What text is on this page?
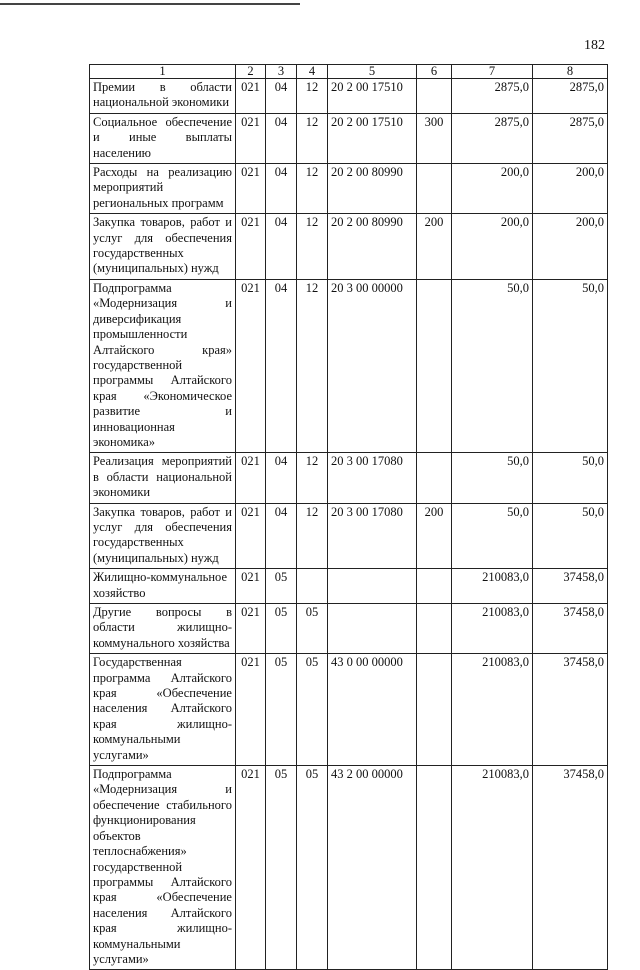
182
1	2	3	4	5	6	7	8
Премии в области национальной экономики	021	04	12	20 2 00 17510		2875,0	2875,0
Социальное обеспечение и иные выплаты населению	021	04	12	20 2 00 17510	300	2875,0	2875,0
Расходы на реализацию мероприятий региональных программ	021	04	12	20 2 00 80990		200,0	200,0
Закупка товаров, работ и услуг для обеспечения государственных (муниципальных) нужд	021	04	12	20 2 00 80990	200	200,0	200,0
Подпрограмма «Модернизация и диверсификация промышленности Алтайского края» государственной программы Алтайского края «Экономическое развитие и инновационная экономика»	021	04	12	20 3 00 00000		50,0	50,0
Реализация мероприятий в области национальной экономики	021	04	12	20 3 00 17080		50,0	50,0
Закупка товаров, работ и услуг для обеспечения государственных (муниципальных) нужд	021	04	12	20 3 00 17080	200	50,0	50,0
Жилищно-коммунальное хозяйство	021	05				210083,0	37458,0
Другие вопросы в области жилищно-коммунального хозяйства	021	05	05			210083,0	37458,0
Государственная программа Алтайского края «Обеспечение населения Алтайского края жилищно-коммунальными услугами»	021	05	05	43 0 00 00000		210083,0	37458,0
Подпрограмма «Модернизация и обеспечение стабильного функционирования объектов теплоснабжения» государственной программы Алтайского края «Обеспечение населения Алтайского края жилищно-коммунальными услугами»	021	05	05	43 2 00 00000		210083,0	37458,0
